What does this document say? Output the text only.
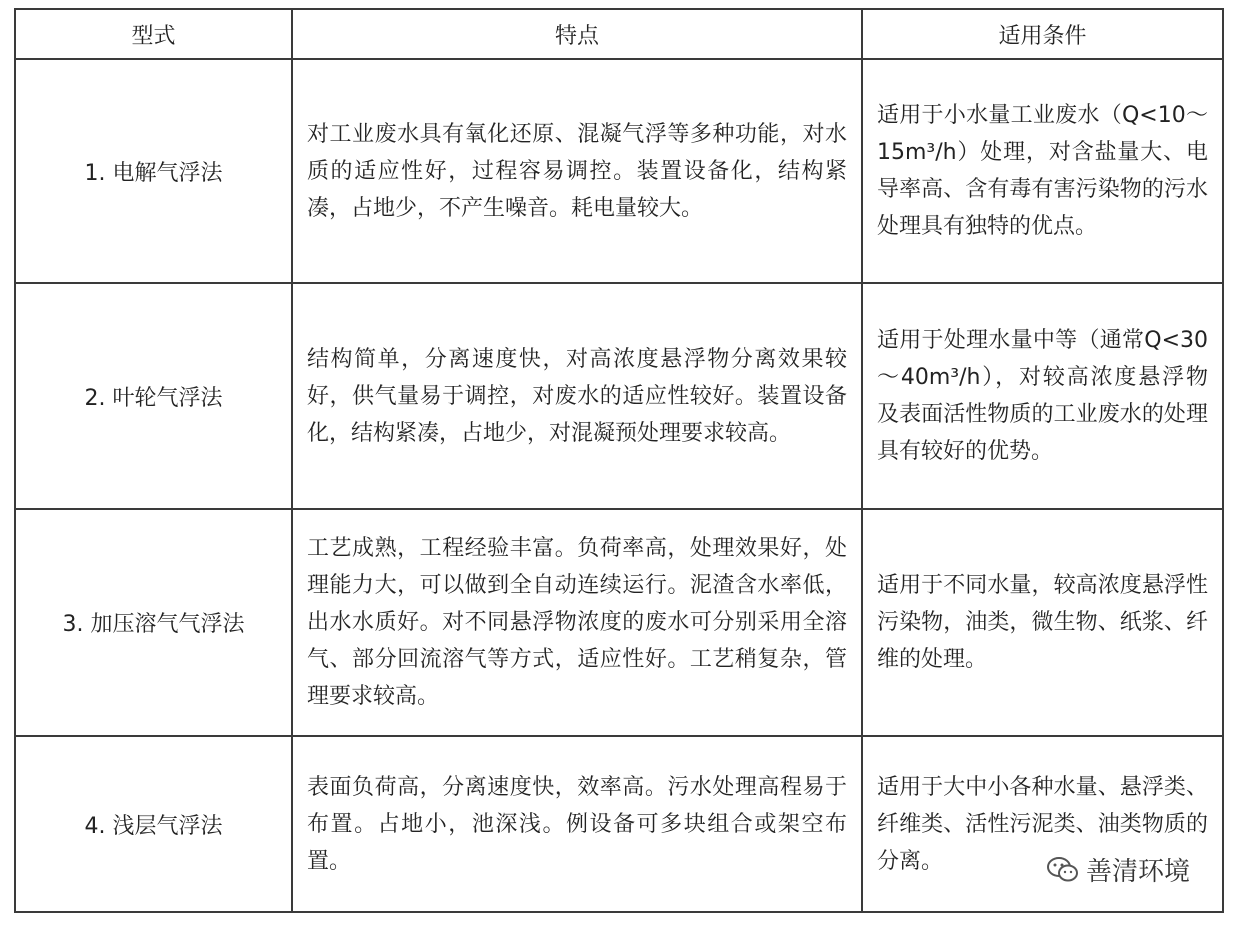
型式	特点	适用条件
1. 电解气浮法	对工业废水具有氧化还原、混凝气浮等多种功能，对水质的适应性好，过程容易调控。装置设备化，结构紧凑，占地少，不产生噪音。耗电量较大。	适用于小水量工业废水（Q<10～15m³/h）处理，对含盐量大、电导率高、含有毒有害污染物的污水处理具有独特的优点。
2. 叶轮气浮法	结构简单，分离速度快，对高浓度悬浮物分离效果较好，供气量易于调控，对废水的适应性较好。装置设备化，结构紧凑，占地少，对混凝预处理要求较高。	适用于处理水量中等（通常Q<30～40m³/h），对较高浓度悬浮物及表面活性物质的工业废水的处理具有较好的优势。
3. 加压溶气气浮法	工艺成熟，工程经验丰富。负荷率高，处理效果好，处理能力大，可以做到全自动连续运行。泥渣含水率低，出水水质好。对不同悬浮物浓度的废水可分别采用全溶气、部分回流溶气等方式，适应性好。工艺稍复杂，管理要求较高。	适用于不同水量，较高浓度悬浮性污染物，油类，微生物、纸浆、纤维的处理。
4. 浅层气浮法	表面负荷高，分离速度快，效率高。污水处理高程易于布置。占地小，池深浅。例设备可多块组合或架空布置。	适用于大中小各种水量、悬浮类、纤维类、活性污泥类、油类物质的分离。	善清环境
